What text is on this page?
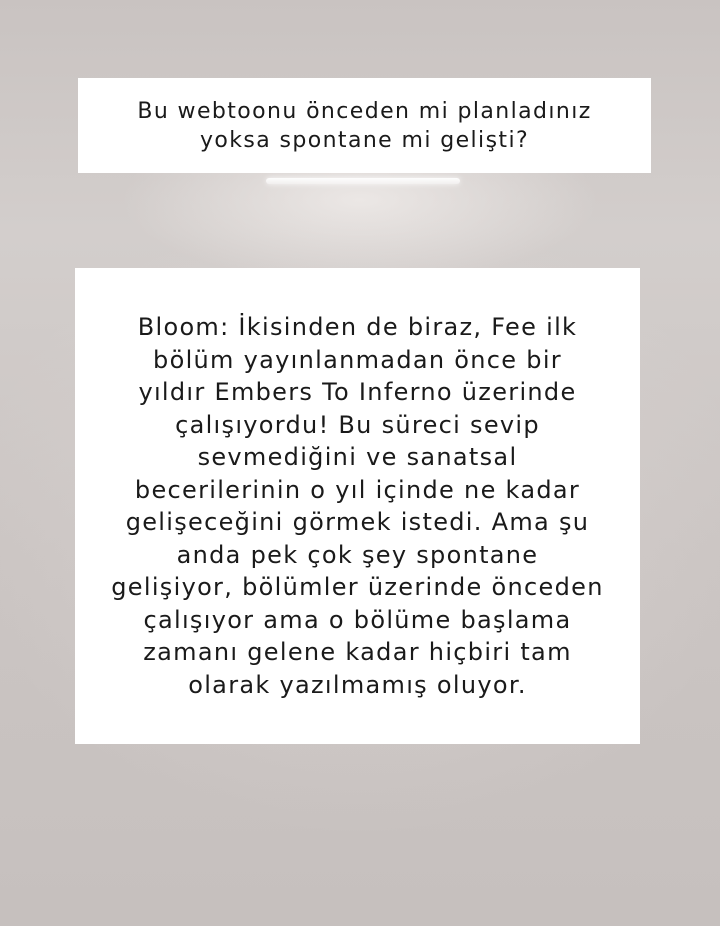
Bu webtoonu önceden mi planladınız
yoksa spontane mi gelişti?
Bloom: İkisinden de biraz, Fee ilk
bölüm yayınlanmadan önce bir
yıldır Embers To Inferno üzerinde
çalışıyordu! Bu süreci sevip
sevmediğini ve sanatsal
becerilerinin o yıl içinde ne kadar
gelişeceğini görmek istedi. Ama şu
anda pek çok şey spontane
gelişiyor, bölümler üzerinde önceden
çalışıyor ama o bölüme başlama
zamanı gelene kadar hiçbiri tam
olarak yazılmamış oluyor.
